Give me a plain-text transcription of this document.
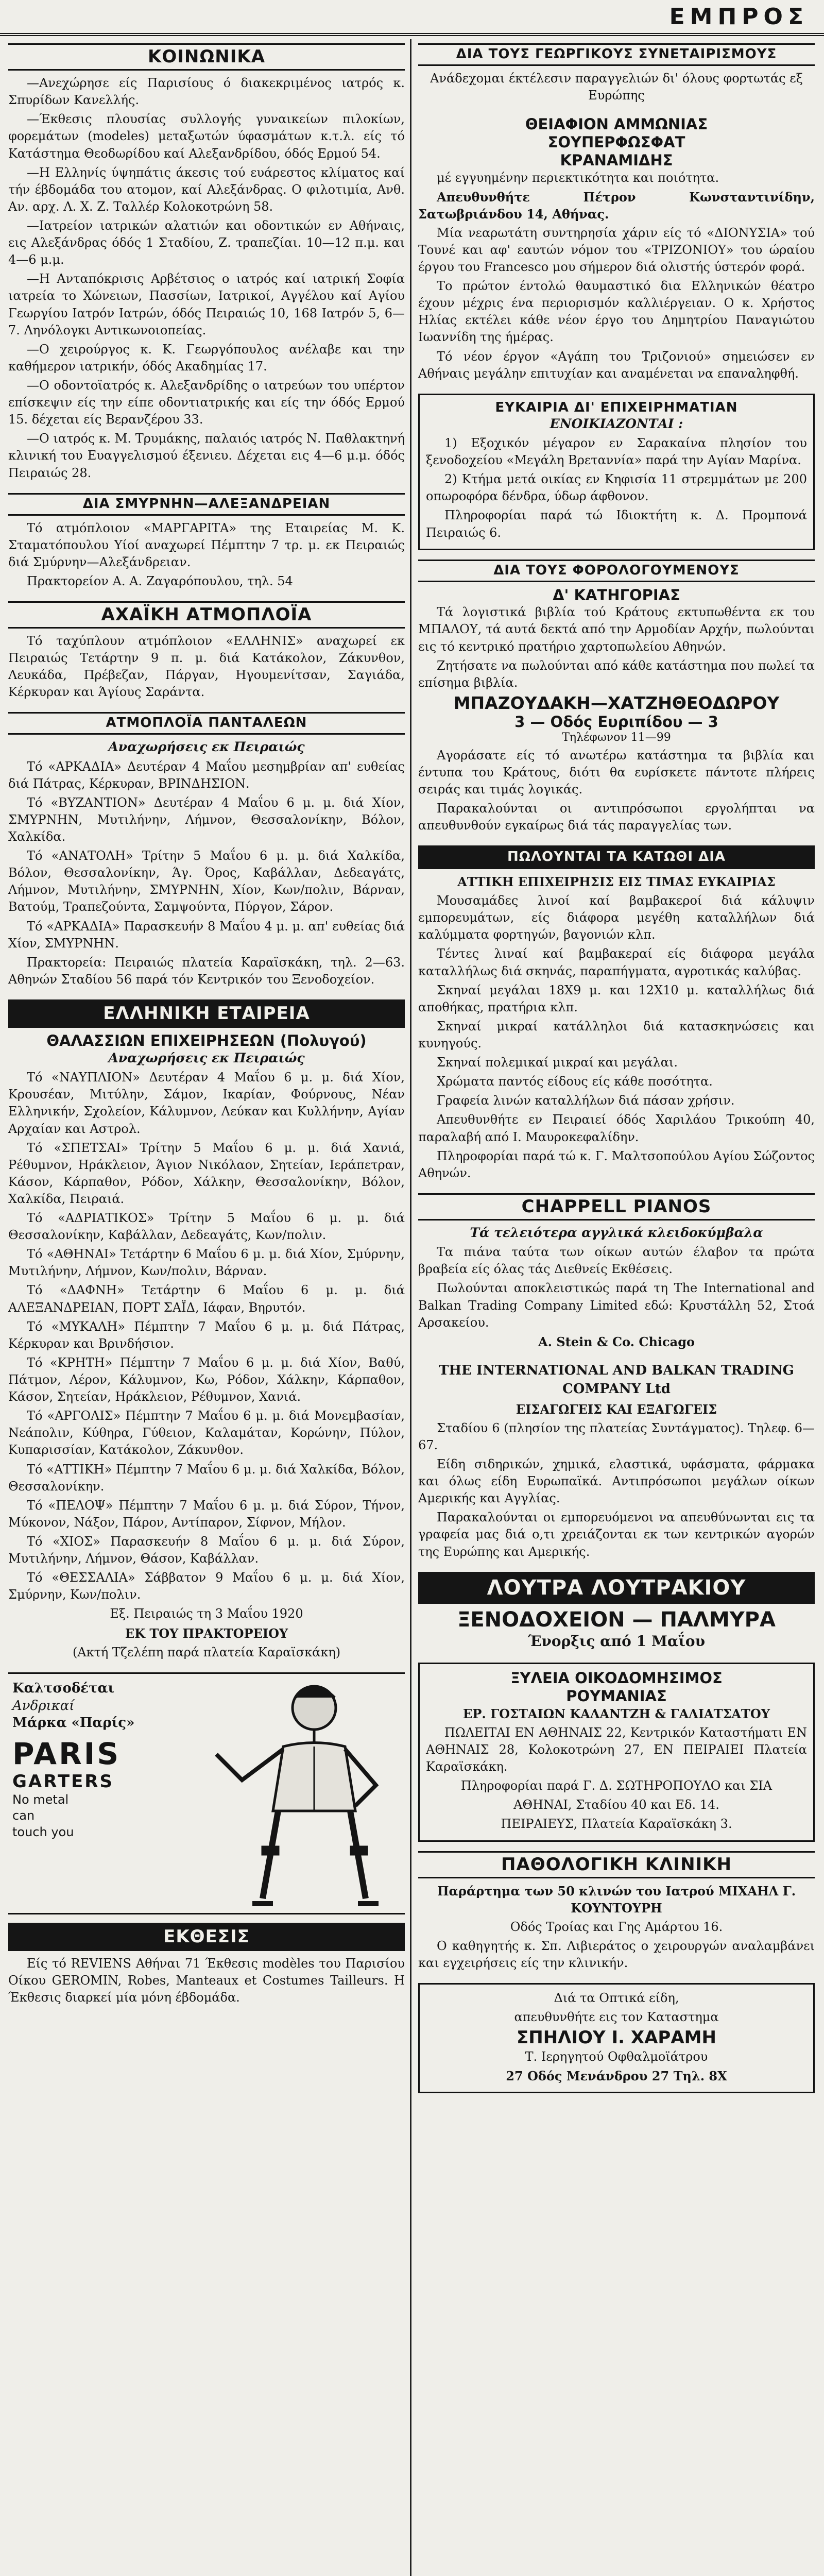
ΕΜΠΡΟΣ
ΚΟΙΝΩΝΙΚΑ
—Ανεχώρησε είς Παρισίους ό διακεκριμένος ιατρός κ. Σπυρίδων Κανελλής.
—Έκθεσις πλουσίας συλλογής γυναικείων πιλοκίων, φορεμάτων (modeles) μεταξωτών ύφασμάτων κ.τ.λ. είς τό Κατάστημα Θεοδωρίδου καί Αλεξανδρίδου, όδός Ερμού 54.
—Η Ελληνίς ύψηπάτις άκεσις τού ευάρεστος κλίματος καί τήν έβδομάδα του ατομον, καί Αλεξάνδρας. Ο φιλοτιμία, Ανθ. Αν. αρχ. Λ. Χ. Ζ. Ταλλέρ Κολοκοτρώνη 58.
—Ιατρείον ιατρικών αλατιών και οδοντικών εν Αθήναις, εις Αλεξάνδρας όδός 1 Σταδίου, Ζ. τραπεζίαι. 10—12 π.μ. και 4—6 μ.μ.
—Η Ανταπόκρισις Αρβέτσιος ο ιατρός καί ιατρική Σοφία ιατρεία το Χώνειων, Πασσίων, Ιατρικοί, Αγγέλου καί Αγίου Γεωργίου Ιατρόν Ιατρών, όδός Πειραιώς 10, 168 Ιατρόν 5, 6—7. Ληνόλογκι Αντικωνοιοπείας.
—Ο χειρούργος κ. Κ. Γεωργόπουλος ανέλαβε και την καθήμερον ιατρικήν, όδός Ακαδημίας 17.
—Ο οδοντοϊατρός κ. Αλεξανδρίδης ο ιατρεύων του υπέρτον επίσκεψιν είς την είπε οδοντιατρικής και είς την όδός Ερμού 15. δέχεται είς Βερανζέρου 33.
—Ο ιατρός κ. Μ. Τρυμάκης, παλαιός ιατρός Ν. Παθλακτηνή κλινική του Ευαγγελισμού έξενιευ. Δέχεται εις 4—6 μ.μ. όδός Πειραιώς 28.
ΔΙΑ ΣΜΥΡΝΗΝ—ΑΛΕΞΑΝΔΡΕΙΑΝ
Τό ατμόπλοιον «ΜΑΡΓΑΡΙΤΑ» της Εταιρείας Μ. Κ. Σταματόπουλου Υίοί αναχωρεί Πέμπτην 7 τρ. μ. εκ Πειραιώς διά Σμύρνην—Αλεξάνδρειαν.
Πρακτορείον Α. Α. Ζαγαρόπουλου, τηλ. 54
ΑΧΑΪΚΗ ΑΤΜΟΠΛΟΪΑ
Τό ταχύπλουν ατμόπλοιον «ΕΛΛΗΝΙΣ» αναχωρεί εκ Πειραιώς Τετάρτην 9 π. μ. διά Κατάκολον, Ζάκυνθον, Λευκάδα, Πρέβεζαν, Πάργαν, Ηγουμενίτσαν, Σαγιάδα, Κέρκυραν και Άγίους Σαράντα.
ΑΤΜΟΠΛΟΪΑ ΠΑΝΤΑΛΕΩΝ
Αναχωρήσεις εκ Πειραιώς
Τό «ΑΡΚΑΔΙΑ» Δευτέραν 4 Μαΐου μεσημβρίαν απ' ευθείας διά Πάτρας, Κέρκυραν, ΒΡΙΝΔΗΣΙΟΝ.
Τό «ΒΥΖΑΝΤΙΟΝ» Δευτέραν 4 Μαΐου 6 μ. μ. διά Χίον, ΣΜΥΡΝΗΝ, Μυτιλήνην, Λήμνον, Θεσσαλονίκην, Βόλον, Χαλκίδα.
Τό «ΑΝΑΤΟΛΗ» Τρίτην 5 Μαΐου 6 μ. μ. διά Χαλκίδα, Βόλον, Θεσσαλονίκην, Άγ. Όρος, Καβάλλαν, Δεδεαγάτς, Λήμνον, Μυτιλήνην, ΣΜΥΡΝΗΝ, Χίον, Κων/πολιν, Βάρναν, Βατούμ, Τραπεζούντα, Σαμψούντα, Πύργον, Σάρον.
Τό «ΑΡΚΑΔΙΑ» Παρασκευήν 8 Μαΐου 4 μ. μ. απ' ευθείας διά Χίον, ΣΜΥΡΝΗΝ.
Πρακτορεία: Πειραιώς πλατεία Καραϊσκάκη, τηλ. 2—63. Αθηνών Σταδίου 56 παρά τόν Κεντρικόν του Ξενοδοχείον.
ΕΛΛΗΝΙΚΗ ΕΤΑΙΡΕΙΑ
ΘΑΛΑΣΣΙΩΝ ΕΠΙΧΕΙΡΗΣΕΩΝ (Πολυγού)
Αναχωρήσεις εκ Πειραιώς
Τό «ΝΑΥΠΛΙΟΝ» Δευτέραν 4 Μαΐου 6 μ. μ. διά Χίον, Κρουσέαν, Μιτύλην, Σάμον, Ικαρίαν, Φούρνους, Νέαν Ελληνικήν, Σχολείον, Κάλυμνον, Λεύκαν και Κυλλήνην, Αγίαν Αρχαίαν και Αστρολ.
Τό «ΣΠΕΤΣΑΙ» Τρίτην 5 Μαΐου 6 μ. μ. διά Χανιά, Ρέθυμνον, Ηράκλειον, Άγιον Νικόλαον, Σητείαν, Ιεράπετραν, Κάσον, Κάρπαθον, Ρόδον, Χάλκην, Θεσσαλονίκην, Βόλον, Χαλκίδα, Πειραιά.
Τό «ΑΔΡΙΑΤΙΚΟΣ» Τρίτην 5 Μαΐου 6 μ. μ. διά Θεσσαλονίκην, Καβάλλαν, Δεδεαγάτς, Κων/πολιν.
Τό «ΑΘΗΝΑΙ» Τετάρτην 6 Μαΐου 6 μ. μ. διά Χίον, Σμύρνην, Μυτιλήνην, Λήμνον, Κων/πολιν, Βάρναν.
Τό «ΔΑΦΝΗ» Τετάρτην 6 Μαΐου 6 μ. μ. διά ΑΛΕΞΑΝΔΡΕΙΑΝ, ΠΟΡΤ ΣΑΪΔ, Ιάφαν, Βηρυτόν.
Τό «ΜΥΚΑΛΗ» Πέμπτην 7 Μαΐου 6 μ. μ. διά Πάτρας, Κέρκυραν και Βρινδήσιον.
Τό «ΚΡΗΤΗ» Πέμπτην 7 Μαΐου 6 μ. μ. διά Χίον, Βαθύ, Πάτμον, Λέρον, Κάλυμνον, Κω, Ρόδον, Χάλκην, Κάρπαθον, Κάσον, Σητείαν, Ηράκλειον, Ρέθυμνον, Χανιά.
Τό «ΑΡΓΟΛΙΣ» Πέμπτην 7 Μαΐου 6 μ. μ. διά Μονεμβασίαν, Νεάπολιν, Κύθηρα, Γύθειον, Καλαμάταν, Κορώνην, Πύλον, Κυπαρισσίαν, Κατάκολον, Ζάκυνθον.
Τό «ΑΤΤΙΚΗ» Πέμπτην 7 Μαΐου 6 μ. μ. διά Χαλκίδα, Βόλον, Θεσσαλονίκην.
Τό «ΠΕΛΟΨ» Πέμπτην 7 Μαΐου 6 μ. μ. διά Σύρον, Τήνον, Μύκονον, Νάξον, Πάρον, Αντίπαρον, Σίφνον, Μήλον.
Τό «ΧΙΟΣ» Παρασκευήν 8 Μαΐου 6 μ. μ. διά Σύρον, Μυτιλήνην, Λήμνον, Θάσον, Καβάλλαν.
Τό «ΘΕΣΣΑΛΙΑ» Σάββατον 9 Μαΐου 6 μ. μ. διά Χίον, Σμύρνην, Κων/πολιν.
Εξ. Πειραιώς τη 3 Μαΐου 1920
ΕΚ ΤΟΥ ΠΡΑΚΤΟΡΕΙΟΥ
(Ακτή Τζελέπη παρά πλατεία Καραϊσκάκη)
Καλτσοδέται
Ανδρικαί
Μάρκα «Παρίς»
PARIS
GARTERS
No metal
can
touch you
ΕΚΘΕΣΙΣ
Είς τό REVIENS Αθήναι 71 Έκθεσις modèles του Παρισίου Οίκου GEROMIN, Robes, Manteaux et Costumes Tailleurs. Η Έκθεσις διαρκεί μία μόνη έβδομάδα.
ΔΙΑ ΤΟΥΣ ΓΕΩΡΓΙΚΟΥΣ ΣΥΝΕΤΑΙΡΙΣΜΟΥΣ
Ανάδεχομαι έκτέλεσιν παραγγελιών δι' όλους φορτωτάς εξ Ευρώπης
ΘΕΙΑΦΙΟΝ ΑΜΜΩΝΙΑΣ
ΣΟΥΠΕΡΦΩΣΦΑΤ
ΚΡΑΝΑΜΙΔΗΣ
μέ εγγυημένην περιεκτικότητα και ποιότητα.
Απευθυνθήτε Πέτρον Κωνσταντινίδην, Σατωβριάνδου 14, Αθήνας.
Μία νεαρωτάτη συντηρησία χάριν είς τό «ΔΙΟΝΥΣΙΑ» τού Τουνέ και αφ' εαυτών νόμον του «ΤΡΙΖΟΝΙΟΥ» του ώραίου έργου του Francesco μου σήμερον διά ολιστής ύστερόν φορά.
Το πρώτον έντολώ θαυμαστικό δια Ελληνικών θέατρο έχουν μέχρις ένα περιορισμόν καλλιέργειαν. Ο κ. Χρήστος Ηλίας εκτέλει κάθε νέον έργο του Δημητρίου Παναγιώτου Ιωαννίδη της ήμέρας.
Τό νέον έργον «Αγάπη του Τριζονιού» σημειώσεν εν Αθήναις μεγάλην επιτυχίαν και αναμένεται να επαναληφθή.
ΕΥΚΑΙΡΙΑ ΔΙ' ΕΠΙΧΕΙΡΗΜΑΤΙΑΝ
ΕΝΟΙΚΙΑΖΟΝΤΑΙ :
1) Εξοχικόν μέγαρον εν Σαρακαίνα πλησίον του ξενοδοχείου «Μεγάλη Βρεταννία» παρά την Αγίαν Μαρίνα.
2) Κτήμα μετά οικίας εν Κηφισία 11 στρεμμάτων με 200 οπωροφόρα δένδρα, ύδωρ άφθονον.
Πληροφορίαι παρά τώ Ιδιοκτήτη κ. Δ. Προμπονά Πειραιώς 6.
ΔΙΑ ΤΟΥΣ ΦΟΡΟΛΟΓΟΥΜΕΝΟΥΣ
Δ' ΚΑΤΗΓΟΡΙΑΣ
Τά λογιστικά βιβλία τού Κράτους εκτυπωθέντα εκ του ΜΠΑΛΟΥ, τά αυτά δεκτά από την Αρμοδίαν Αρχήν, πωλούνται εις τό κεντρικό πρατήριο χαρτοπωλείου Αθηνών.
Ζητήσατε να πωλούνται από κάθε κατάστημα που πωλεί τα επίσημα βιβλία.
ΜΠΑΖΟΥΔΑΚΗ—ΧΑΤΖΗΘΕΟΔΩΡΟΥ
3 — Οδός Ευριπίδου — 3
Τηλέφωνον 11—99
Αγοράσατε είς τό ανωτέρω κατάστημα τα βιβλία και έντυπα του Κράτους, διότι θα ευρίσκετε πάντοτε πλήρεις σειράς και τιμάς λογικάς.
Παρακαλούνται οι αντιπρόσωποι εργολήπται να απευθυνθούν εγκαίρως διά τάς παραγγελίας των.
ΠΩΛΟΥΝΤΑΙ ΤΑ ΚΑΤΩΘΙ ΔΙΑ
ΑΤΤΙΚΗ ΕΠΙΧΕΙΡΗΣΙΣ ΕΙΣ ΤΙΜΑΣ ΕΥΚΑΙΡΙΑΣ
Μουσαμάδες λινοί καί βαμβακεροί διά κάλυψιν εμπορευμάτων, είς διάφορα μεγέθη καταλλήλων διά καλύμματα φορτηγών, βαγονιών κλπ.
Τέντες λιναί καί βαμβακεραί είς διάφορα μεγάλα καταλλήλως διά σκηνάς, παραπήγματα, αγροτικάς καλύβας.
Σκηναί μεγάλαι 18Χ9 μ. και 12Χ10 μ. καταλλήλως διά αποθήκας, πρατήρια κλπ.
Σκηναί μικραί κατάλληλοι διά κατασκηνώσεις και κυνηγούς.
Σκηναί πολεμικαί μικραί και μεγάλαι.
Χρώματα παντός είδους είς κάθε ποσότητα.
Γραφεία λινών καταλλήλων διά πάσαν χρήσιν.
Απευθυνθήτε εν Πειραιεί όδός Χαριλάου Τρικούπη 40, παραλαβή από Ι. Μαυροκεφαλίδην.
Πληροφορίαι παρά τώ κ. Γ. Μαλτσοπούλου Αγίου Σώζοντος Αθηνών.
CHAPPELL PIANOS
Τά τελειότερα αγγλικά κλειδοκύμβαλα
Τα πιάνα ταύτα των οίκων αυτών έλαβον τα πρώτα βραβεία είς όλας τάς Διεθνείς Εκθέσεις.
Πωλούνται αποκλειστικώς παρά τη The International and Balkan Trading Company Limited εδώ: Κρυστάλλη 52, Στοά Αρσακείου.
A. Stein & Co. Chicago
THE INTERNATIONAL AND BALKAN TRADING COMPANY Ltd
ΕΙΣΑΓΩΓΕΙΣ ΚΑΙ ΕΞΑΓΩΓΕΙΣ
Σταδίου 6 (πλησίον της πλατείας Συντάγματος). Τηλεφ. 6—67.
Είδη σιδηρικών, χημικά, ελαστικά, υφάσματα, φάρμακα και όλως είδη Ευρωπαϊκά. Αντιπρόσωποι μεγάλων οίκων Αμερικής και Αγγλίας.
Παρακαλούνται οι εμπορευόμενοι να απευθύνωνται εις τα γραφεία μας διά ο,τι χρειάζονται εκ των κεντρικών αγορών της Ευρώπης και Αμερικής.
ΛΟΥΤΡΑ ΛΟΥΤΡΑΚΙΟΥ
ΞΕΝΟΔΟΧΕΙΟΝ — ΠΑΛΜΥΡΑ
Ένορξις από 1 Μαΐου
ΞΥΛΕΙΑ ΟΙΚΟΔΟΜΗΣΙΜΟΣ
ΡΟΥΜΑΝΙΑΣ
ΕΡ. ΓΟΣΤΑΙΩΝ ΚΑΛΑΝΤΖΗ & ΓΑΛΙΑΤΣΑΤΟΥ
ΠΩΛΕΙΤΑΙ ΕΝ ΑΘΗΝΑΙΣ 22, Κεντρικόν Καταστήματι ΕΝ ΑΘΗΝΑΙΣ 28, Κολοκοτρώνη 27, ΕΝ ΠΕΙΡΑΙΕΙ Πλατεία Καραϊσκάκη.
Πληροφορίαι παρά Γ. Δ. ΣΩΤΗΡΟΠΟΥΛΟ και ΣΙΑ
ΑΘΗΝΑΙ, Σταδίου 40 και Εδ. 14.
ΠΕΙΡΑΙΕΥΣ, Πλατεία Καραϊσκάκη 3.
ΠΑΘΟΛΟΓΙΚΗ ΚΛΙΝΙΚΗ
Παράρτημα των 50 κλινών του Ιατρού ΜΙΧΑΗΛ Γ. ΚΟΥΝΤΟΥΡΗ
Οδός Τροίας και Γης Αμάρτου 16.
Ο καθηγητής κ. Σπ. Λιβιεράτος ο χειρουργών αναλαμβάνει και εγχειρήσεις είς την κλινικήν.
Διά τα Οπτικά είδη,
απευθυνθήτε εις τον Καταστημα
ΣΠΗΛΙΟΥ Ι. ΧΑΡΑΜΗ
Τ. Ιερηγητού Οφθαλμοϊάτρου
27 Οδός Μενάνδρου 27 Τηλ. 8Χ
